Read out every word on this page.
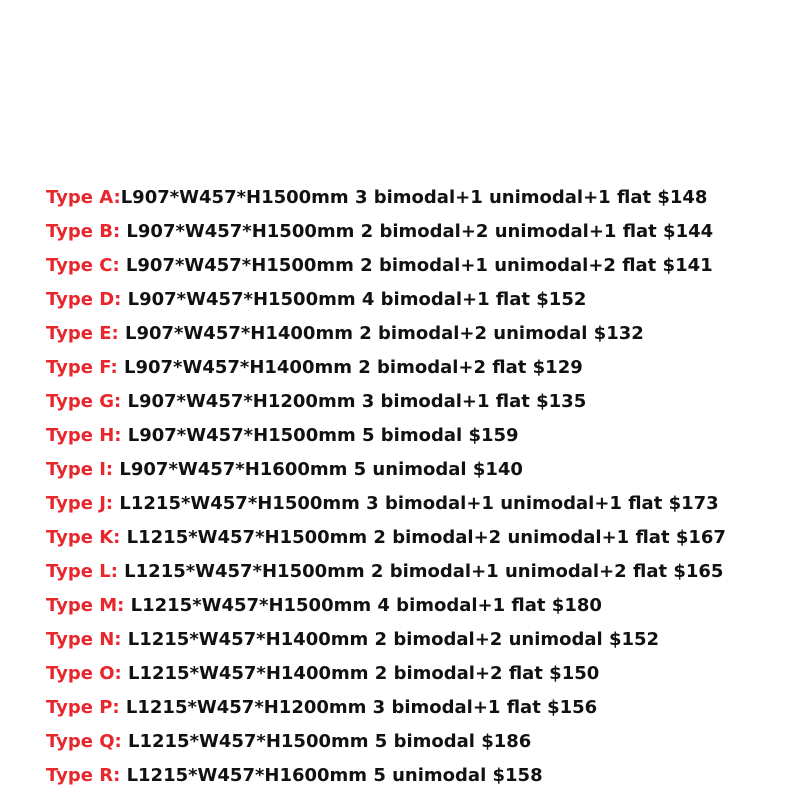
Type A:L907*W457*H1500mm 3 bimodal+1 unimodal+1 flat $148
Type B: L907*W457*H1500mm 2 bimodal+2 unimodal+1 flat $144
Type C: L907*W457*H1500mm 2 bimodal+1 unimodal+2 flat $141
Type D: L907*W457*H1500mm 4 bimodal+1 flat $152
Type E: L907*W457*H1400mm 2 bimodal+2 unimodal $132
Type F: L907*W457*H1400mm 2 bimodal+2 flat $129
Type G: L907*W457*H1200mm 3 bimodal+1 flat $135
Type H: L907*W457*H1500mm 5 bimodal $159
Type I: L907*W457*H1600mm 5 unimodal $140
Type J: L1215*W457*H1500mm 3 bimodal+1 unimodal+1 flat $173
Type K: L1215*W457*H1500mm 2 bimodal+2 unimodal+1 flat $167
Type L: L1215*W457*H1500mm 2 bimodal+1 unimodal+2 flat $165
Type M: L1215*W457*H1500mm 4 bimodal+1 flat $180
Type N: L1215*W457*H1400mm 2 bimodal+2 unimodal $152
Type O: L1215*W457*H1400mm 2 bimodal+2 flat $150
Type P: L1215*W457*H1200mm 3 bimodal+1 flat $156
Type Q: L1215*W457*H1500mm 5 bimodal $186
Type R: L1215*W457*H1600mm 5 unimodal $158
